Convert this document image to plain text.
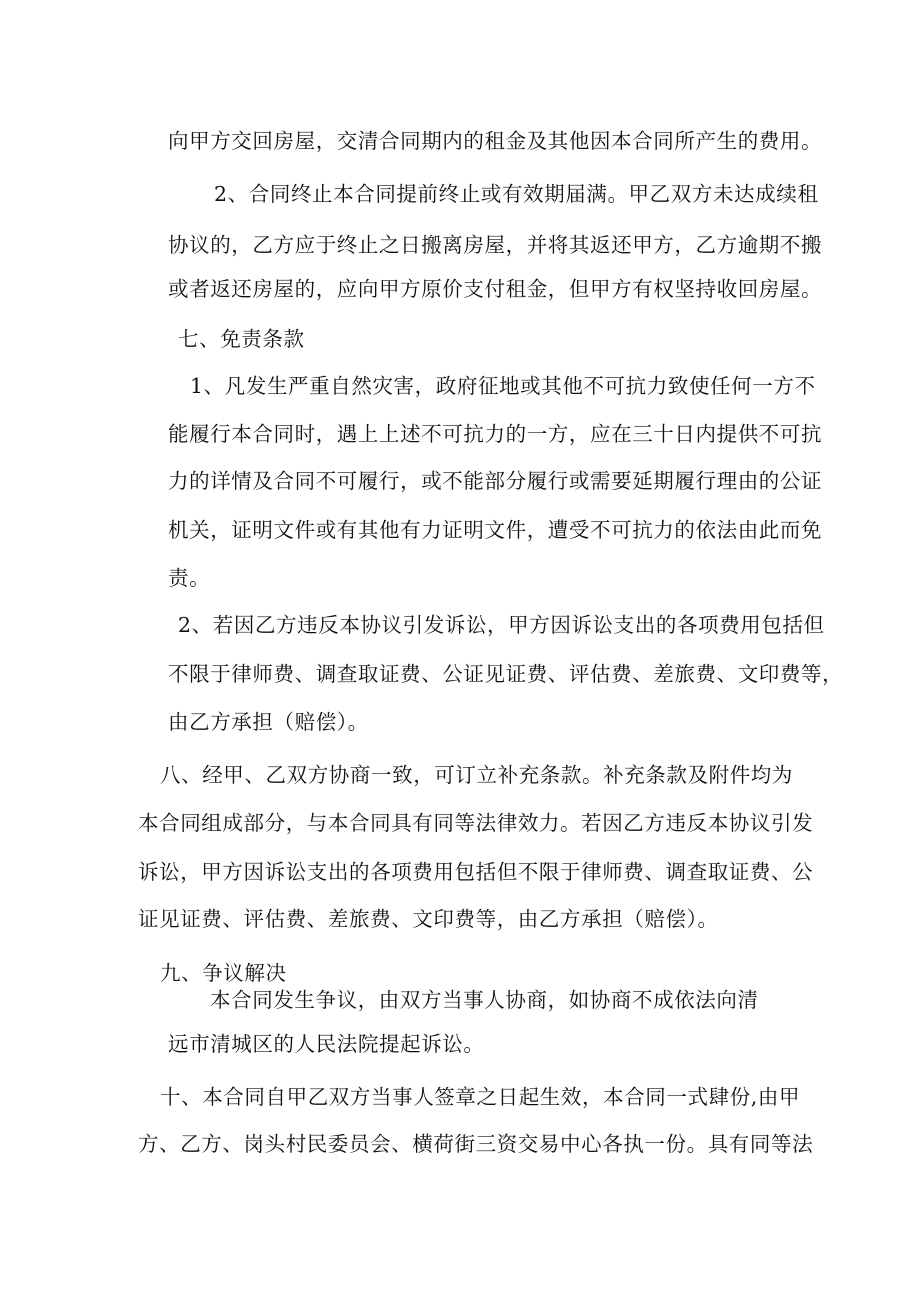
向甲方交回房屋，交清合同期内的租金及其他因本合同所产生的费用。
2、合同终止本合同提前终止或有效期届满。甲乙双方未达成续租
协议的，乙方应于终止之日搬离房屋，并将其返还甲方，乙方逾期不搬
或者返还房屋的，应向甲方原价支付租金，但甲方有权坚持收回房屋。
七、免责条款
1、凡发生严重自然灾害，政府征地或其他不可抗力致使任何一方不
能履行本合同时，遇上上述不可抗力的一方，应在三十日内提供不可抗
力的详情及合同不可履行，或不能部分履行或需要延期履行理由的公证
机关，证明文件或有其他有力证明文件，遭受不可抗力的依法由此而免
责。
2、若因乙方违反本协议引发诉讼，甲方因诉讼支出的各项费用包括但
不限于律师费、调查取证费、公证见证费、评估费、差旅费、文印费等，
由乙方承担（赔偿）。
八、经甲、乙双方协商一致，可订立补充条款。补充条款及附件均为
本合同组成部分，与本合同具有同等法律效力。若因乙方违反本协议引发
诉讼，甲方因诉讼支出的各项费用包括但不限于律师费、调查取证费、公
证见证费、评估费、差旅费、文印费等，由乙方承担（赔偿）。
九、争议解决
本合同发生争议，由双方当事人协商，如协商不成依法向清
远市清城区的人民法院提起诉讼。
十、本合同自甲乙双方当事人签章之日起生效，本合同一式肆份,由甲
方、乙方、岗头村民委员会、横荷街三资交易中心各执一份。具有同等法
